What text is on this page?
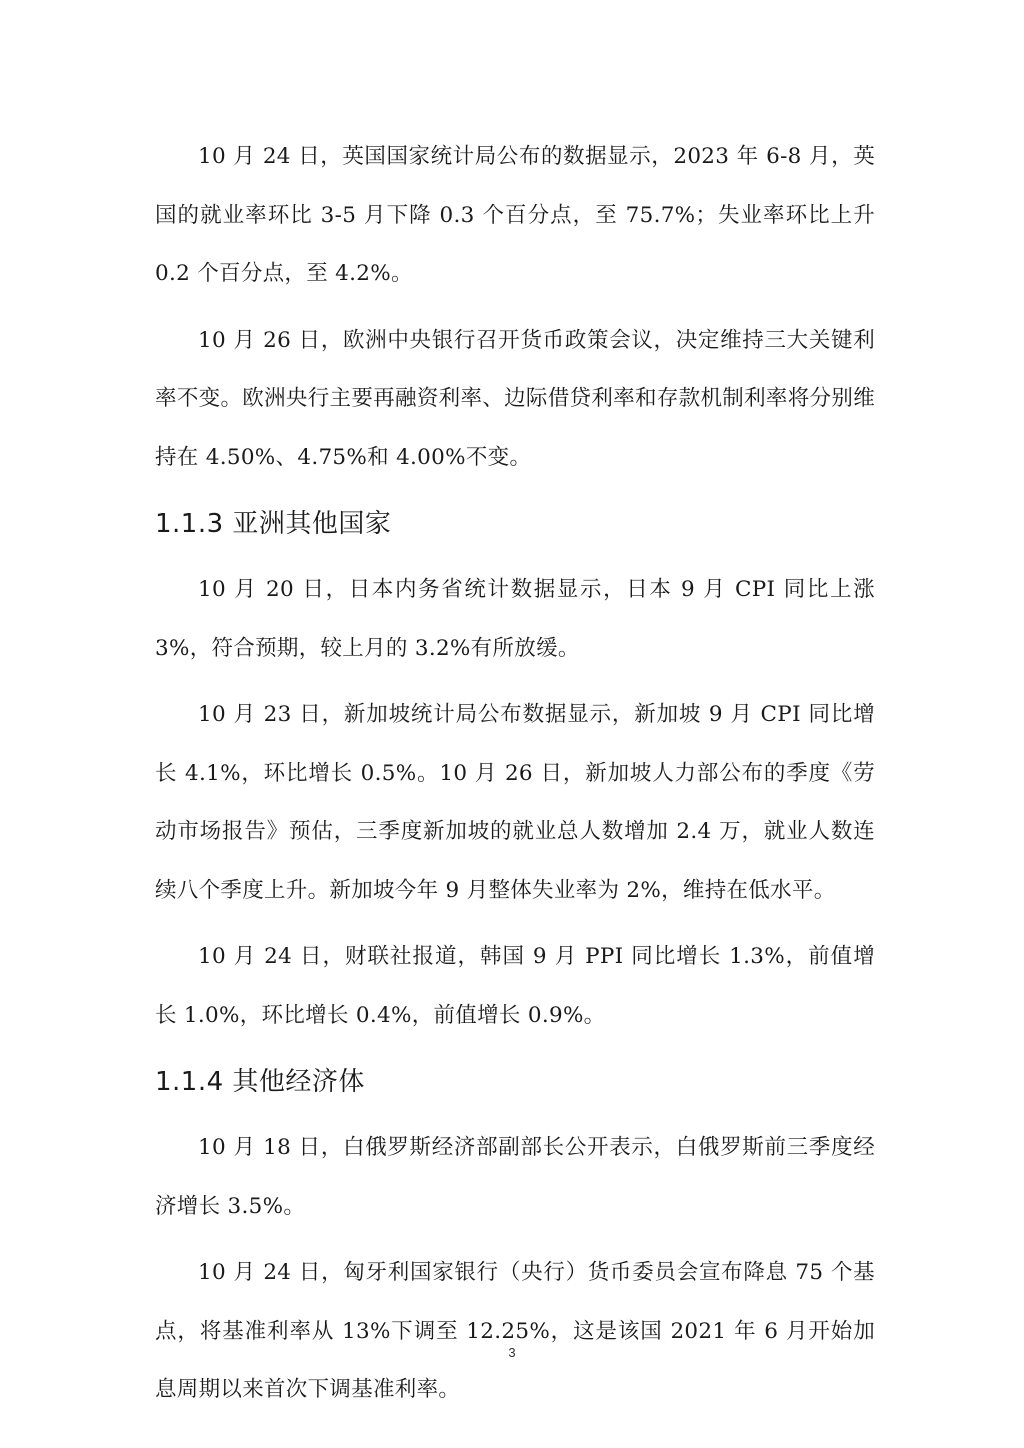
10 月 24 日，英国国家统计局公布的数据显示，2023 年 6-8 月，英国的就业率环比 3-5 月下降 0.3 个百分点，至 75.7%；失业率环比上升 0.2 个百分点，至 4.2%。

10 月 26 日，欧洲中央银行召开货币政策会议，决定维持三大关键利率不变。欧洲央行主要再融资利率、边际借贷利率和存款机制利率将分别维持在 4.50%、4.75%和 4.00%不变。

1.1.3 亚洲其他国家

10 月 20 日，日本内务省统计数据显示，日本 9 月 CPI 同比上涨 3%，符合预期，较上月的 3.2%有所放缓。

10 月 23 日，新加坡统计局公布数据显示，新加坡 9 月 CPI 同比增长 4.1%，环比增长 0.5%。10 月 26 日，新加坡人力部公布的季度《劳动市场报告》预估，三季度新加坡的就业总人数增加 2.4 万，就业人数连续八个季度上升。新加坡今年 9 月整体失业率为 2%，维持在低水平。

10 月 24 日，财联社报道，韩国 9 月 PPI 同比增长 1.3%，前值增长 1.0%，环比增长 0.4%，前值增长 0.9%。

1.1.4 其他经济体

10 月 18 日，白俄罗斯经济部副部长公开表示，白俄罗斯前三季度经济增长 3.5%。

10 月 24 日，匈牙利国家银行（央行）货币委员会宣布降息 75 个基点，将基准利率从 13%下调至 12.25%，这是该国 2021 年 6 月开始加息周期以来首次下调基准利率。

3
